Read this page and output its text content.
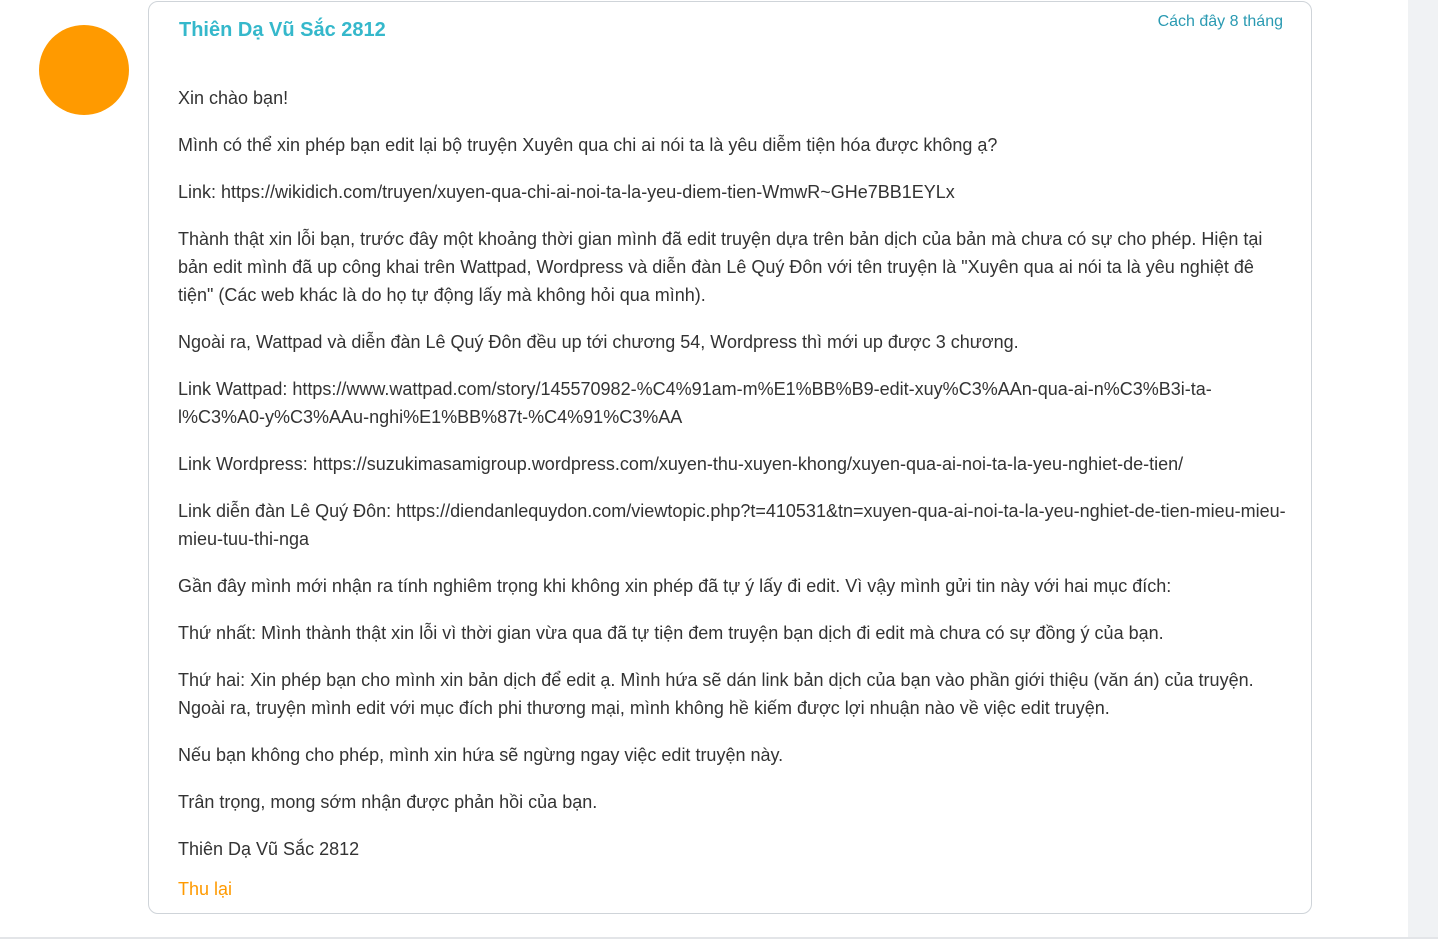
Thiên Dạ Vũ Sắc 2812	Cách đây 8 tháng

Xin chào bạn!

Mình có thể xin phép bạn edit lại bộ truyện Xuyên qua chi ai nói ta là yêu diễm tiện hóa được không ạ?

Link: https://wikidich.com/truyen/xuyen-qua-chi-ai-noi-ta-la-yeu-diem-tien-WmwR~GHe7BB1EYLx

Thành thật xin lỗi bạn, trước đây một khoảng thời gian mình đã edit truyện dựa trên bản dịch của bản mà chưa có sự cho phép. Hiện tại bản edit mình đã up công khai trên Wattpad, Wordpress và diễn đàn Lê Quý Đôn với tên truyện là "Xuyên qua ai nói ta là yêu nghiệt đê tiện" (Các web khác là do họ tự động lấy mà không hỏi qua mình).

Ngoài ra, Wattpad và diễn đàn Lê Quý Đôn đều up tới chương 54, Wordpress thì mới up được 3 chương.

Link Wattpad: https://www.wattpad.com/story/145570982-%C4%91am-m%E1%BB%B9-edit-xuy%C3%AAn-qua-ai-n%C3%B3i-ta-l%C3%A0-y%C3%AAu-nghi%E1%BB%87t-%C4%91%C3%AA

Link Wordpress: https://suzukimasamigroup.wordpress.com/xuyen-thu-xuyen-khong/xuyen-qua-ai-noi-ta-la-yeu-nghiet-de-tien/

Link diễn đàn Lê Quý Đôn: https://diendanlequydon.com/viewtopic.php?t=410531&tn=xuyen-qua-ai-noi-ta-la-yeu-nghiet-de-tien-mieu-mieu-mieu-tuu-thi-nga

Gần đây mình mới nhận ra tính nghiêm trọng khi không xin phép đã tự ý lấy đi edit. Vì vậy mình gửi tin này với hai mục đích:

Thứ nhất: Mình thành thật xin lỗi vì thời gian vừa qua đã tự tiện đem truyện bạn dịch đi edit mà chưa có sự đồng ý của bạn.

Thứ hai: Xin phép bạn cho mình xin bản dịch để edit ạ. Mình hứa sẽ dán link bản dịch của bạn vào phần giới thiệu (văn án) của truyện. Ngoài ra, truyện mình edit với mục đích phi thương mại, mình không hề kiếm được lợi nhuận nào về việc edit truyện.

Nếu bạn không cho phép, mình xin hứa sẽ ngừng ngay việc edit truyện này.

Trân trọng, mong sớm nhận được phản hồi của bạn.

Thiên Dạ Vũ Sắc 2812

Thu lại
